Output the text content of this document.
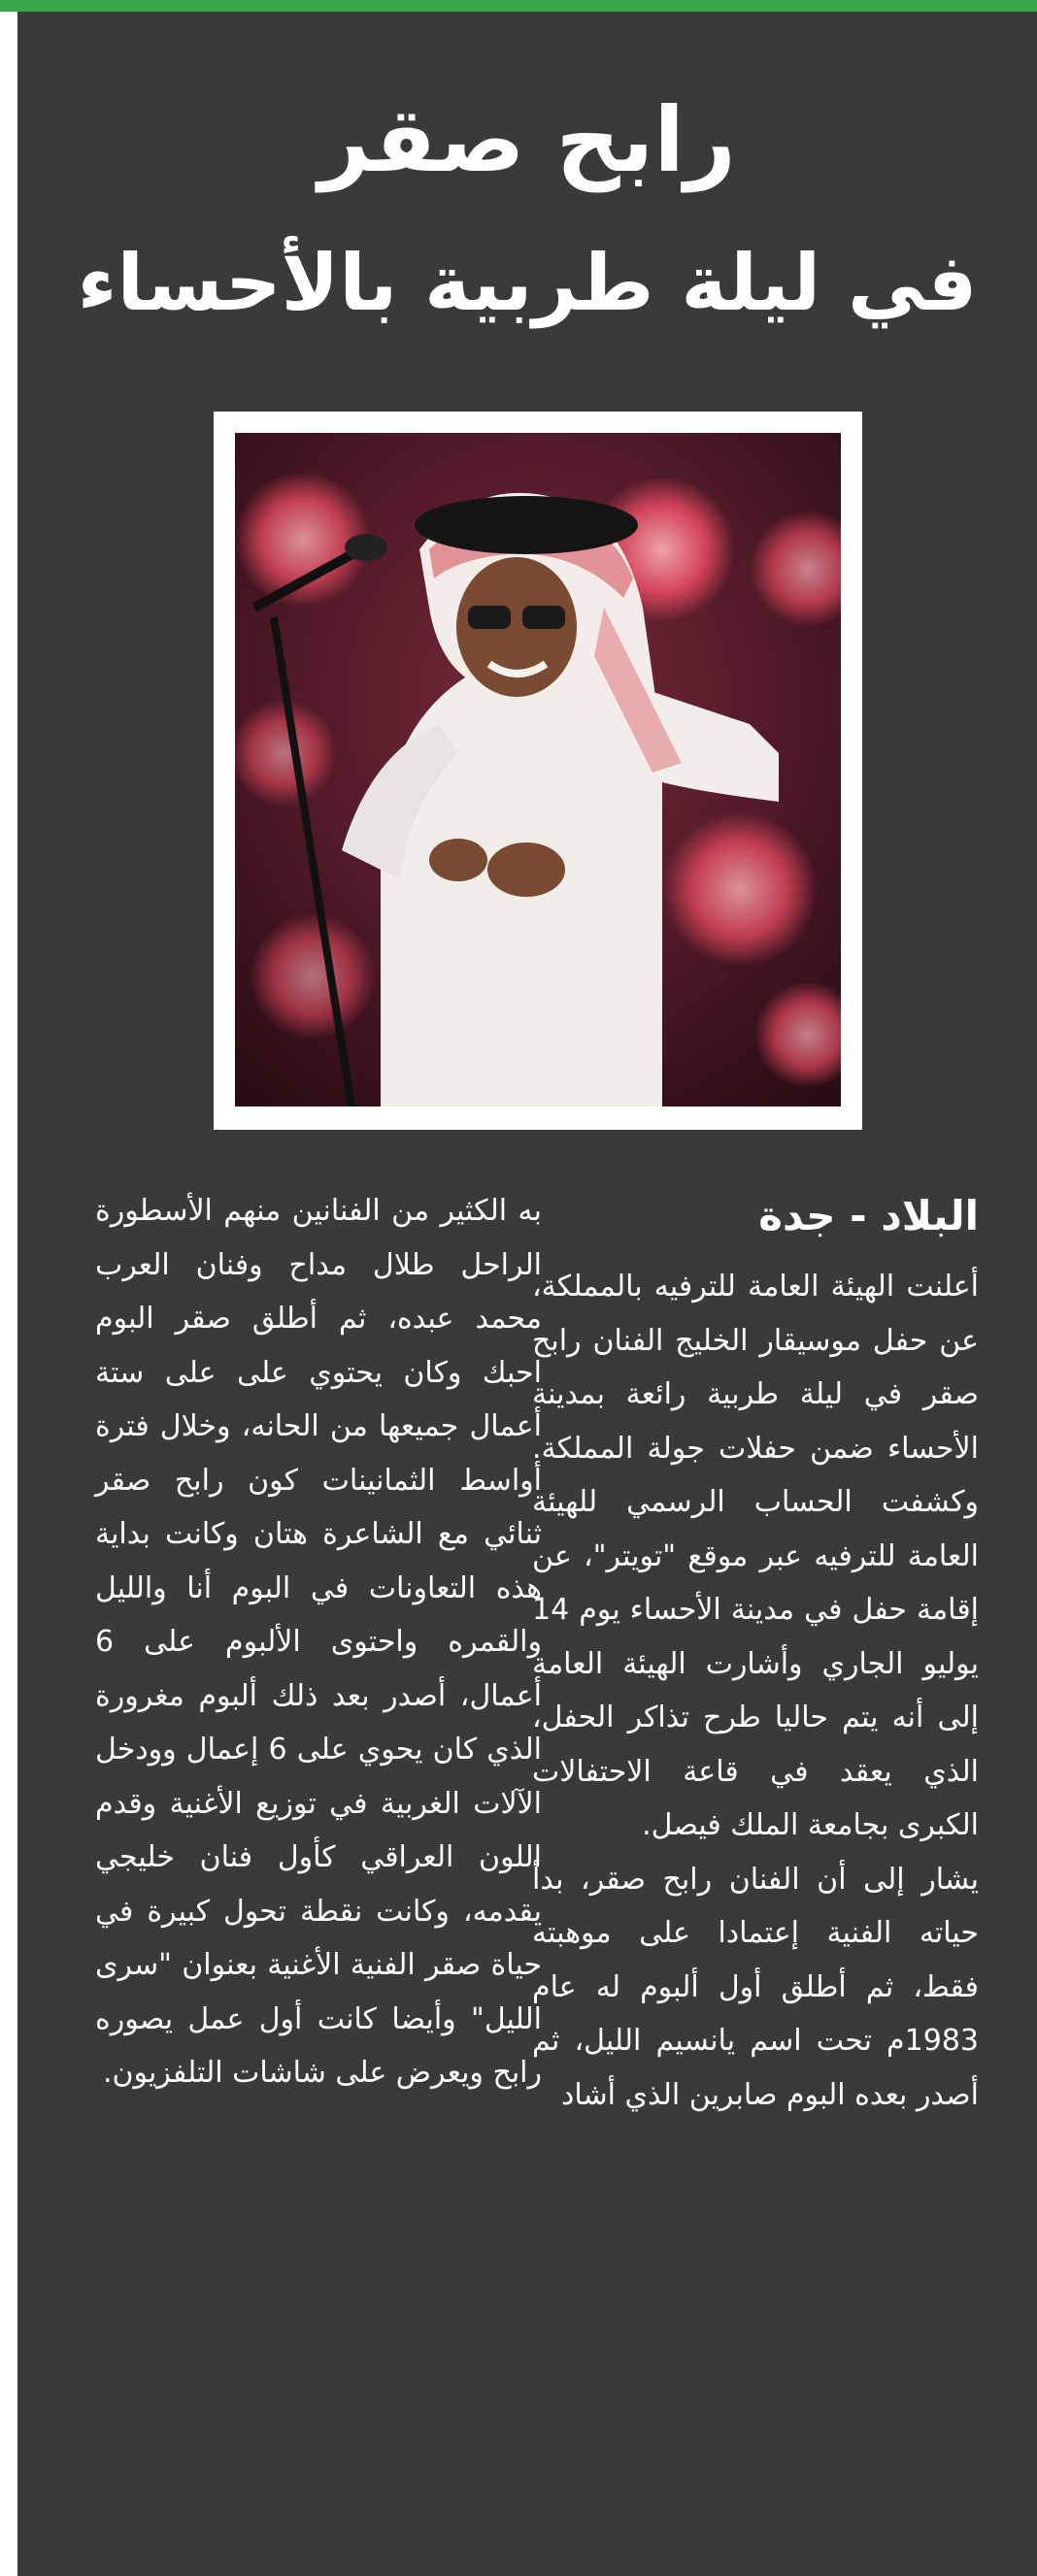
رابح صقر
في ليلة طربية بالأحساء
البلاد - جدة

أعلنت الهيئة العامة للترفيه بالمملكة، عن حفل موسيقار الخليج الفنان رابح صقر في ليلة طربية رائعة بمدينة الأحساء ضمن حفلات جولة المملكة. وكشفت الحساب الرسمي للهيئة العامة للترفيه عبر موقع "تويتر"، عن إقامة حفل في مدينة الأحساء يوم 14 يوليو الجاري وأشارت الهيئة العامة إلى أنه يتم حاليا طرح تذاكر الحفل، الذي يعقد في قاعة الاحتفالات الكبرى بجامعة الملك فيصل.

يشار إلى أن الفنان رابح صقر، بدأ حياته الفنية إعتمادا على موهبته فقط، ثم أطلق أول ألبوم له عام 1983م تحت اسم يانسيم الليل، ثم أصدر بعده البوم صابرين الذي أشاد

به الكثير من الفنانين منهم الأسطورة الراحل طلال مداح وفنان العرب محمد عبده، ثم أطلق صقر البوم احبك وكان يحتوي على على ستة أعمال جميعها من الحانه، وخلال فترة أواسط الثمانينات كون رابح صقر ثنائي مع الشاعرة هتان وكانت بداية هذه التعاونات في البوم أنا والليل والقمره واحتوى الألبوم على 6 أعمال، أصدر بعد ذلك ألبوم مغرورة الذي كان يحوي على 6 إعمال وودخل الآلات الغربية في توزيع الأغنية وقدم اللون العراقي كأول فنان خليجي يقدمه، وكانت نقطة تحول كبيرة في حياة صقر الفنية الأغنية بعنوان "سرى الليل" وأيضا كانت أول عمل يصوره رابح ويعرض على شاشات التلفزيون.
